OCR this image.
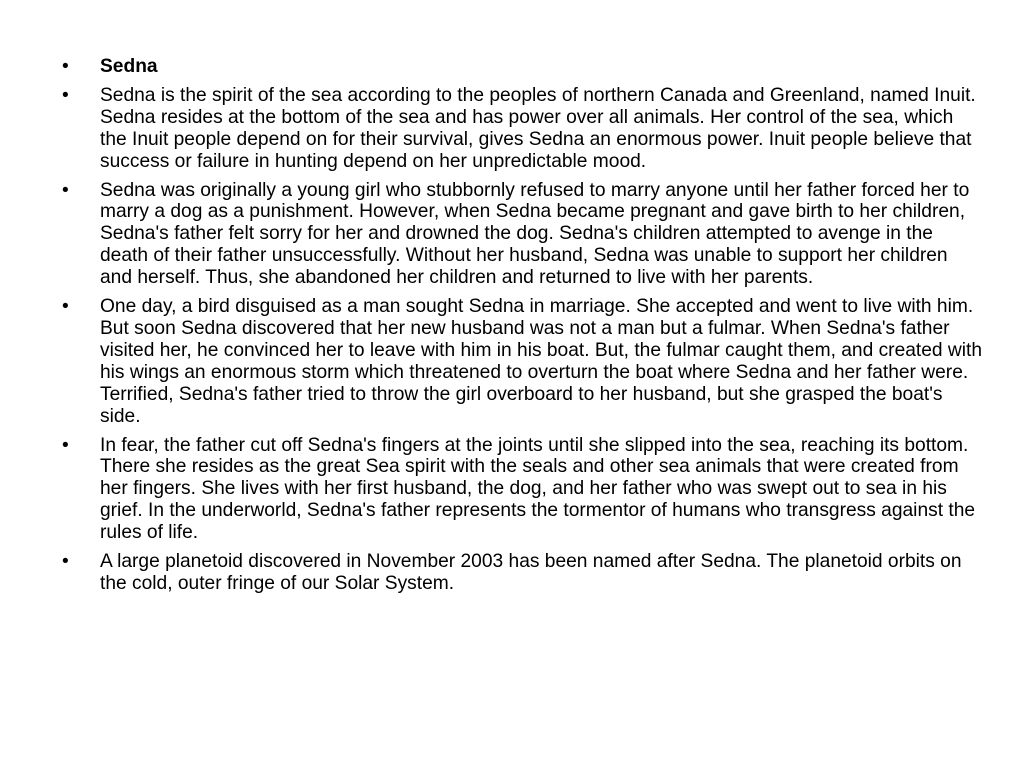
•	Sedna
•	Sedna is the spirit of the sea according to the peoples of northern Canada and Greenland, named Inuit. Sedna resides at the bottom of the sea and has power over all animals. Her control of the sea, which the Inuit people depend on for their survival, gives Sedna an enormous power. Inuit people believe that success or failure in hunting depend on her unpredictable mood.
•	Sedna was originally a young girl who stubbornly refused to marry anyone until her father forced her to marry a dog as a punishment. However, when Sedna became pregnant and gave birth to her children, Sedna's father felt sorry for her and drowned the dog. Sedna's children attempted to avenge in the death of their father unsuccessfully. Without her husband, Sedna was unable to support her children and herself. Thus, she abandoned her children and returned to live with her parents.
•	One day, a bird disguised as a man sought Sedna in marriage. She accepted and went to live with him. But soon Sedna discovered that her new husband was not a man but a fulmar. When Sedna's father visited her, he convinced her to leave with him in his boat. But, the fulmar caught them, and created with his wings an enormous storm which threatened to overturn the boat where Sedna and her father were. Terrified, Sedna's father tried to throw the girl overboard to her husband, but she grasped the boat's side.
•	In fear, the father cut off Sedna's fingers at the joints until she slipped into the sea, reaching its bottom. There she resides as the great Sea spirit with the seals and other sea animals that were created from her fingers. She lives with her first husband, the dog, and her father who was swept out to sea in his grief. In the underworld, Sedna's father represents the tormentor of humans who transgress against the rules of life.
•	A large planetoid discovered in November 2003 has been named after Sedna. The planetoid orbits on the cold, outer fringe of our Solar System.
